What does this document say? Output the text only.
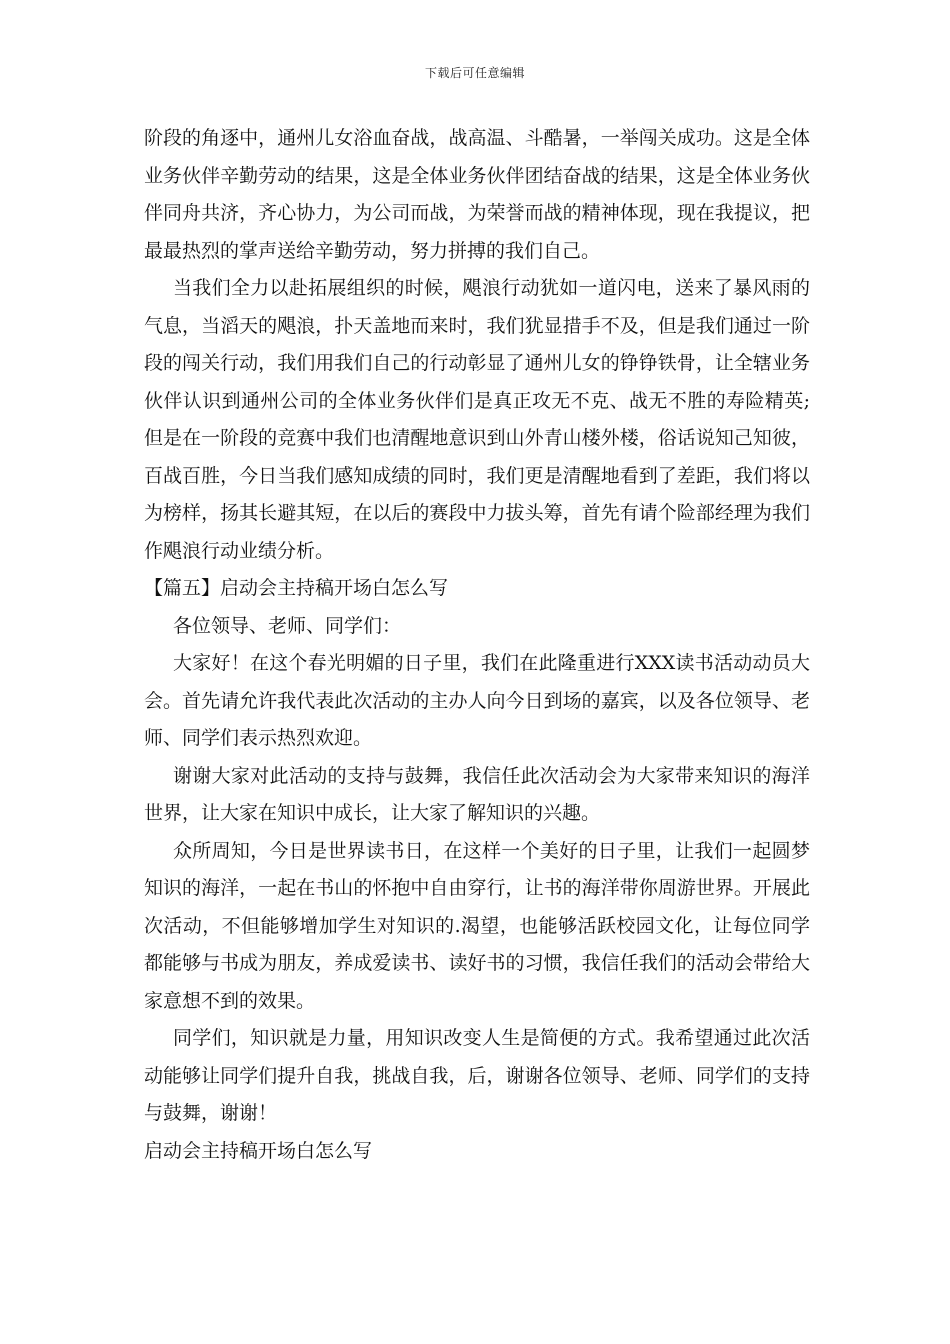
下载后可任意编辑

阶段的角逐中，通州儿女浴血奋战，战高温、斗酷暑，一举闯关成功。这是全体业务伙伴辛勤劳动的结果，这是全体业务伙伴团结奋战的结果，这是全体业务伙伴同舟共济，齐心协力，为公司而战，为荣誉而战的精神体现，现在我提议，把最最热烈的掌声送给辛勤劳动，努力拼搏的我们自己。

当我们全力以赴拓展组织的时候，飓浪行动犹如一道闪电，送来了暴风雨的气息，当滔天的飓浪，扑天盖地而来时，我们犹显措手不及，但是我们通过一阶段的闯关行动，我们用我们自己的行动彰显了通州儿女的铮铮铁骨，让全辖业务伙伴认识到通州公司的全体业务伙伴们是真正攻无不克、战无不胜的寿险精英;但是在一阶段的竞赛中我们也清醒地意识到山外青山楼外楼，俗话说知己知彼，百战百胜，今日当我们感知成绩的同时，我们更是清醒地看到了差距，我们将以为榜样，扬其长避其短，在以后的赛段中力拔头筹，首先有请个险部经理为我们作飓浪行动业绩分析。

【篇五】启动会主持稿开场白怎么写

各位领导、老师、同学们：

大家好！在这个春光明媚的日子里，我们在此隆重进行XXX读书活动动员大会。首先请允许我代表此次活动的主办人向今日到场的嘉宾，以及各位领导、老师、同学们表示热烈欢迎。

谢谢大家对此活动的支持与鼓舞，我信任此次活动会为大家带来知识的海洋世界，让大家在知识中成长，让大家了解知识的兴趣。

众所周知，今日是世界读书日，在这样一个美好的日子里，让我们一起圆梦知识的海洋，一起在书山的怀抱中自由穿行，让书的海洋带你周游世界。开展此次活动，不但能够增加学生对知识的.渴望，也能够活跃校园文化，让每位同学都能够与书成为朋友，养成爱读书、读好书的习惯，我信任我们的活动会带给大家意想不到的效果。

同学们，知识就是力量，用知识改变人生是简便的方式。我希望通过此次活动能够让同学们提升自我，挑战自我，后，谢谢各位领导、老师、同学们的支持与鼓舞，谢谢！

启动会主持稿开场白怎么写
